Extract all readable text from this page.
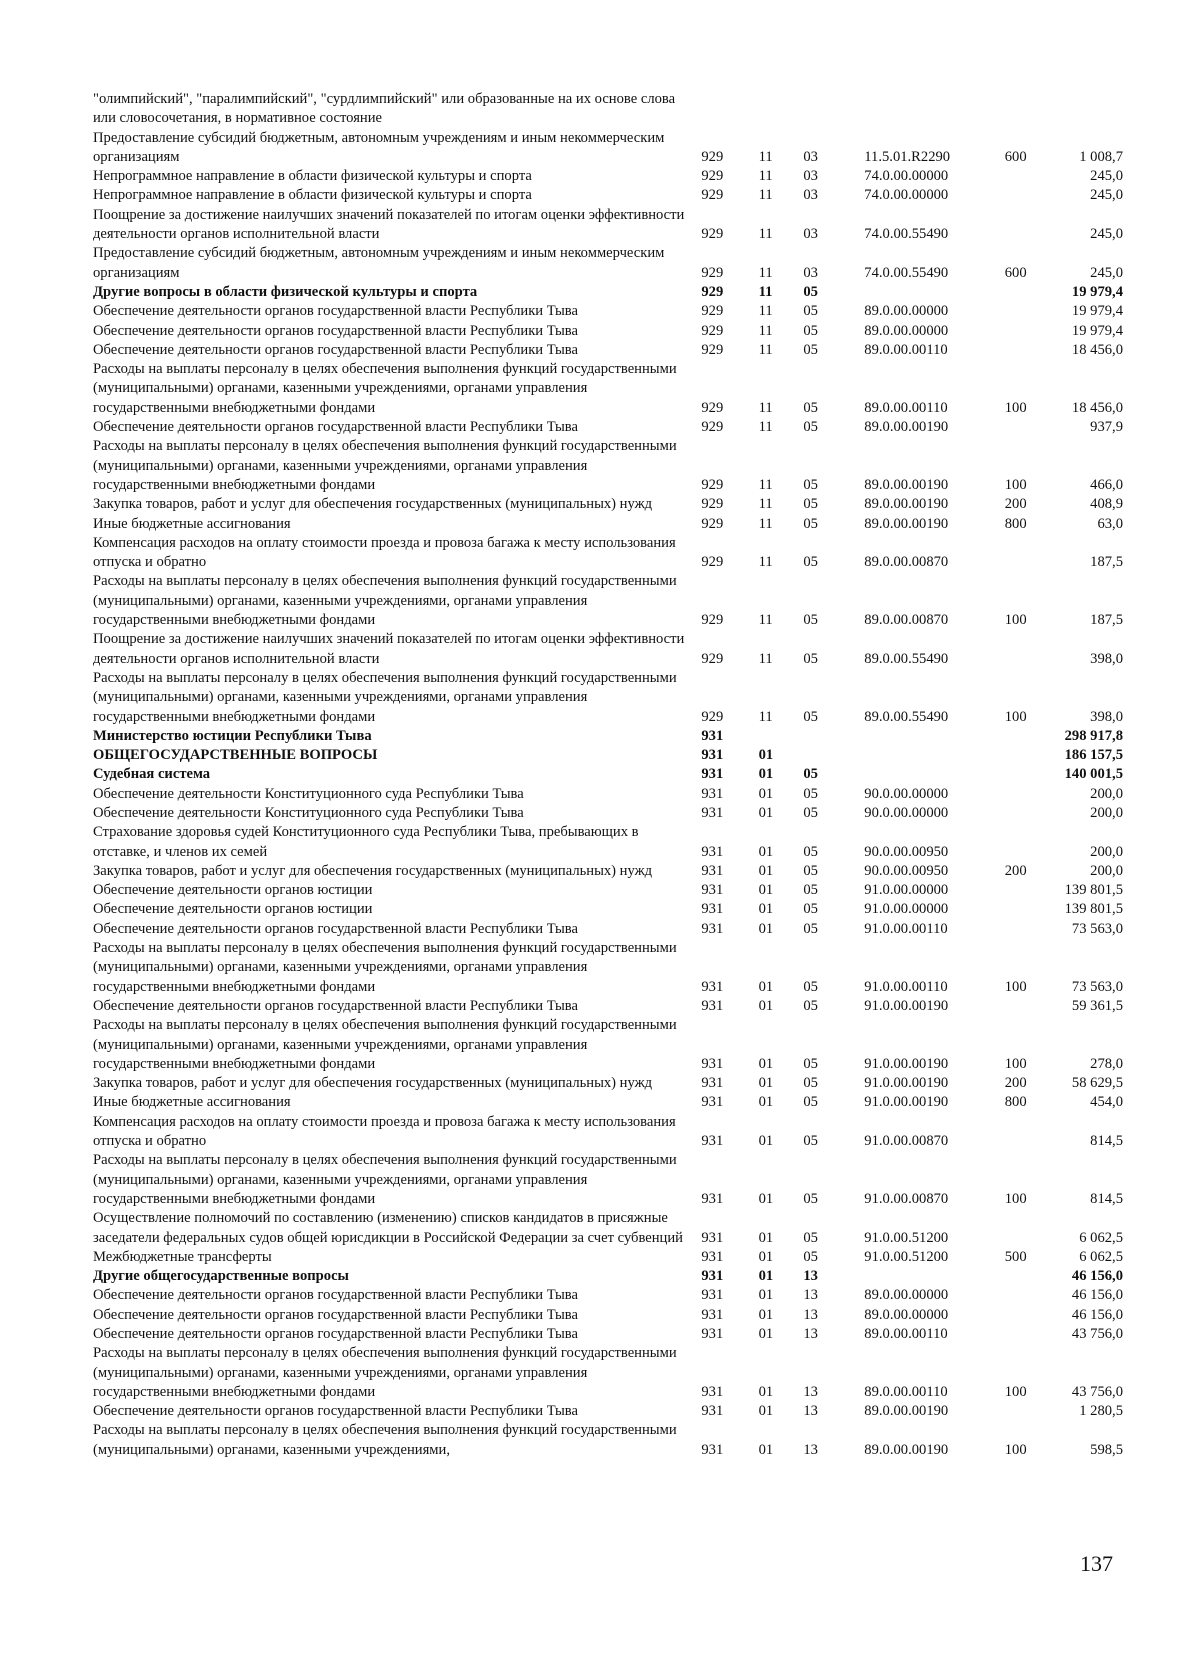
"олимпийский", "паралимпийский", "сурдлимпийский" или образованные на их основе слова или словосочетания, в нормативное состояние						
Предоставление субсидий бюджетным, автономным учреждениям и иным некоммерческим организациям	929	11	03	11.5.01.R2290	600	1 008,7
Непрограммное направление в области физической культуры и спорта	929	11	03	74.0.00.00000		245,0
Непрограммное направление в области физической культуры и спорта	929	11	03	74.0.00.00000		245,0
Поощрение за достижение наилучших значений показателей по итогам оценки эффективности деятельности органов исполнительной власти	929	11	03	74.0.00.55490		245,0
Предоставление субсидий бюджетным, автономным учреждениям и иным некоммерческим организациям	929	11	03	74.0.00.55490	600	245,0
Другие вопросы в области физической культуры и спорта	929	11	05			19 979,4
Обеспечение деятельности органов государственной власти Республики Тыва	929	11	05	89.0.00.00000		19 979,4
Обеспечение деятельности органов государственной власти Республики Тыва	929	11	05	89.0.00.00000		19 979,4
Обеспечение деятельности органов государственной власти Республики Тыва	929	11	05	89.0.00.00110		18 456,0
Расходы на выплаты персоналу в целях обеспечения выполнения функций государственными (муниципальными) органами, казенными учреждениями, органами управления государственными внебюджетными фондами	929	11	05	89.0.00.00110	100	18 456,0
Обеспечение деятельности органов государственной власти Республики Тыва	929	11	05	89.0.00.00190		937,9
Расходы на выплаты персоналу в целях обеспечения выполнения функций государственными (муниципальными) органами, казенными учреждениями, органами управления государственными внебюджетными фондами	929	11	05	89.0.00.00190	100	466,0
Закупка товаров, работ и услуг для обеспечения государственных (муниципальных) нужд	929	11	05	89.0.00.00190	200	408,9
Иные бюджетные ассигнования	929	11	05	89.0.00.00190	800	63,0
Компенсация расходов на оплату стоимости проезда и провоза багажа к месту использования отпуска и обратно	929	11	05	89.0.00.00870		187,5
Расходы на выплаты персоналу в целях обеспечения выполнения функций государственными (муниципальными) органами, казенными учреждениями, органами управления государственными внебюджетными фондами	929	11	05	89.0.00.00870	100	187,5
Поощрение за достижение наилучших значений показателей по итогам оценки эффективности деятельности органов исполнительной власти	929	11	05	89.0.00.55490		398,0
Расходы на выплаты персоналу в целях обеспечения выполнения функций государственными (муниципальными) органами, казенными учреждениями, органами управления государственными внебюджетными фондами	929	11	05	89.0.00.55490	100	398,0
Министерство юстиции Республики Тыва	931					298 917,8
ОБЩЕГОСУДАРСТВЕННЫЕ ВОПРОСЫ	931	01				186 157,5
Судебная система	931	01	05			140 001,5
Обеспечение деятельности Конституционного суда Республики Тыва	931	01	05	90.0.00.00000		200,0
Обеспечение деятельности Конституционного суда Республики Тыва	931	01	05	90.0.00.00000		200,0
Страхование здоровья судей Конституционного суда Республики Тыва, пребывающих в отставке, и членов их семей	931	01	05	90.0.00.00950		200,0
Закупка товаров, работ и услуг для обеспечения государственных (муниципальных) нужд	931	01	05	90.0.00.00950	200	200,0
Обеспечение деятельности органов юстиции	931	01	05	91.0.00.00000		139 801,5
Обеспечение деятельности органов юстиции	931	01	05	91.0.00.00000		139 801,5
Обеспечение деятельности органов государственной власти Республики Тыва	931	01	05	91.0.00.00110		73 563,0
Расходы на выплаты персоналу в целях обеспечения выполнения функций государственными (муниципальными) органами, казенными учреждениями, органами управления государственными внебюджетными фондами	931	01	05	91.0.00.00110	100	73 563,0
Обеспечение деятельности органов государственной власти Республики Тыва	931	01	05	91.0.00.00190		59 361,5
Расходы на выплаты персоналу в целях обеспечения выполнения функций государственными (муниципальными) органами, казенными учреждениями, органами управления государственными внебюджетными фондами	931	01	05	91.0.00.00190	100	278,0
Закупка товаров, работ и услуг для обеспечения государственных (муниципальных) нужд	931	01	05	91.0.00.00190	200	58 629,5
Иные бюджетные ассигнования	931	01	05	91.0.00.00190	800	454,0
Компенсация расходов на оплату стоимости проезда и провоза багажа к месту использования отпуска и обратно	931	01	05	91.0.00.00870		814,5
Расходы на выплаты персоналу в целях обеспечения выполнения функций государственными (муниципальными) органами, казенными учреждениями, органами управления государственными внебюджетными фондами	931	01	05	91.0.00.00870	100	814,5
Осуществление полномочий по составлению (изменению) списков кандидатов в присяжные заседатели федеральных судов общей юрисдикции в Российской Федерации за счет субвенций	931	01	05	91.0.00.51200		6 062,5
Межбюджетные трансферты	931	01	05	91.0.00.51200	500	6 062,5
Другие общегосударственные вопросы	931	01	13			46 156,0
Обеспечение деятельности органов государственной власти Республики Тыва	931	01	13	89.0.00.00000		46 156,0
Обеспечение деятельности органов государственной власти Республики Тыва	931	01	13	89.0.00.00000		46 156,0
Обеспечение деятельности органов государственной власти Республики Тыва	931	01	13	89.0.00.00110		43 756,0
Расходы на выплаты персоналу в целях обеспечения выполнения функций государственными (муниципальными) органами, казенными учреждениями, органами управления государственными внебюджетными фондами	931	01	13	89.0.00.00110	100	43 756,0
Обеспечение деятельности органов государственной власти Республики Тыва	931	01	13	89.0.00.00190		1 280,5
Расходы на выплаты персоналу в целях обеспечения выполнения функций государственными (муниципальными) органами, казенными учреждениями,	931	01	13	89.0.00.00190	100	598,5
137
